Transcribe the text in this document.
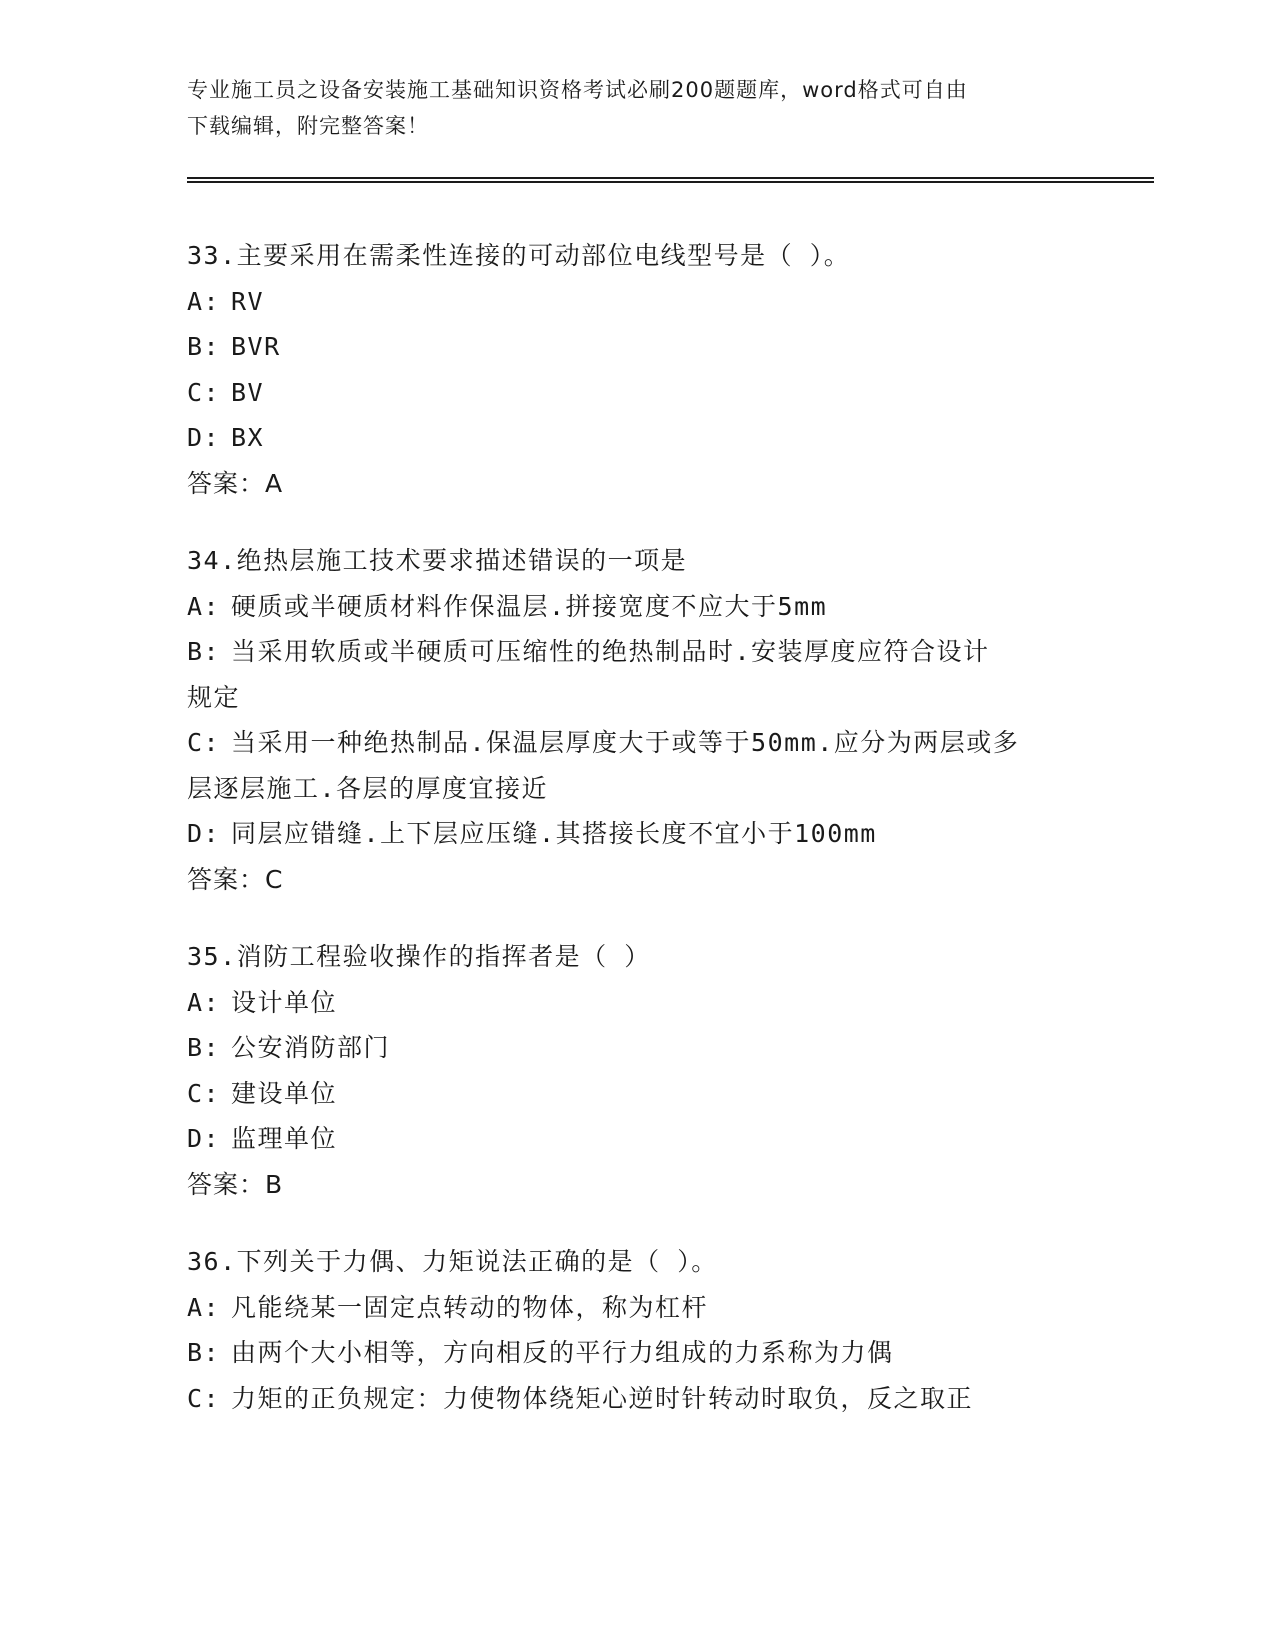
专业施工员之设备安装施工基础知识资格考试必刷200题题库，word格式可自由
下载编辑，附完整答案！
33.主要采用在需柔性连接的可动部位电线型号是（ ）。
A: RV
B: BVR
C: BV
D: BX
答案：A
34.绝热层施工技术要求描述错误的一项是
A: 硬质或半硬质材料作保温层.拼接宽度不应大于5mm
B: 当采用软质或半硬质可压缩性的绝热制品时.安装厚度应符合设计
规定
C: 当采用一种绝热制品.保温层厚度大于或等于50mm.应分为两层或多
层逐层施工.各层的厚度宜接近
D: 同层应错缝.上下层应压缝.其搭接长度不宜小于100mm
答案：C
35.消防工程验收操作的指挥者是（ ）
A: 设计单位
B: 公安消防部门
C: 建设单位
D: 监理单位
答案：B
36.下列关于力偶、力矩说法正确的是（ ）。
A: 凡能绕某一固定点转动的物体，称为杠杆
B: 由两个大小相等，方向相反的平行力组成的力系称为力偶
C: 力矩的正负规定：力使物体绕矩心逆时针转动时取负，反之取正
